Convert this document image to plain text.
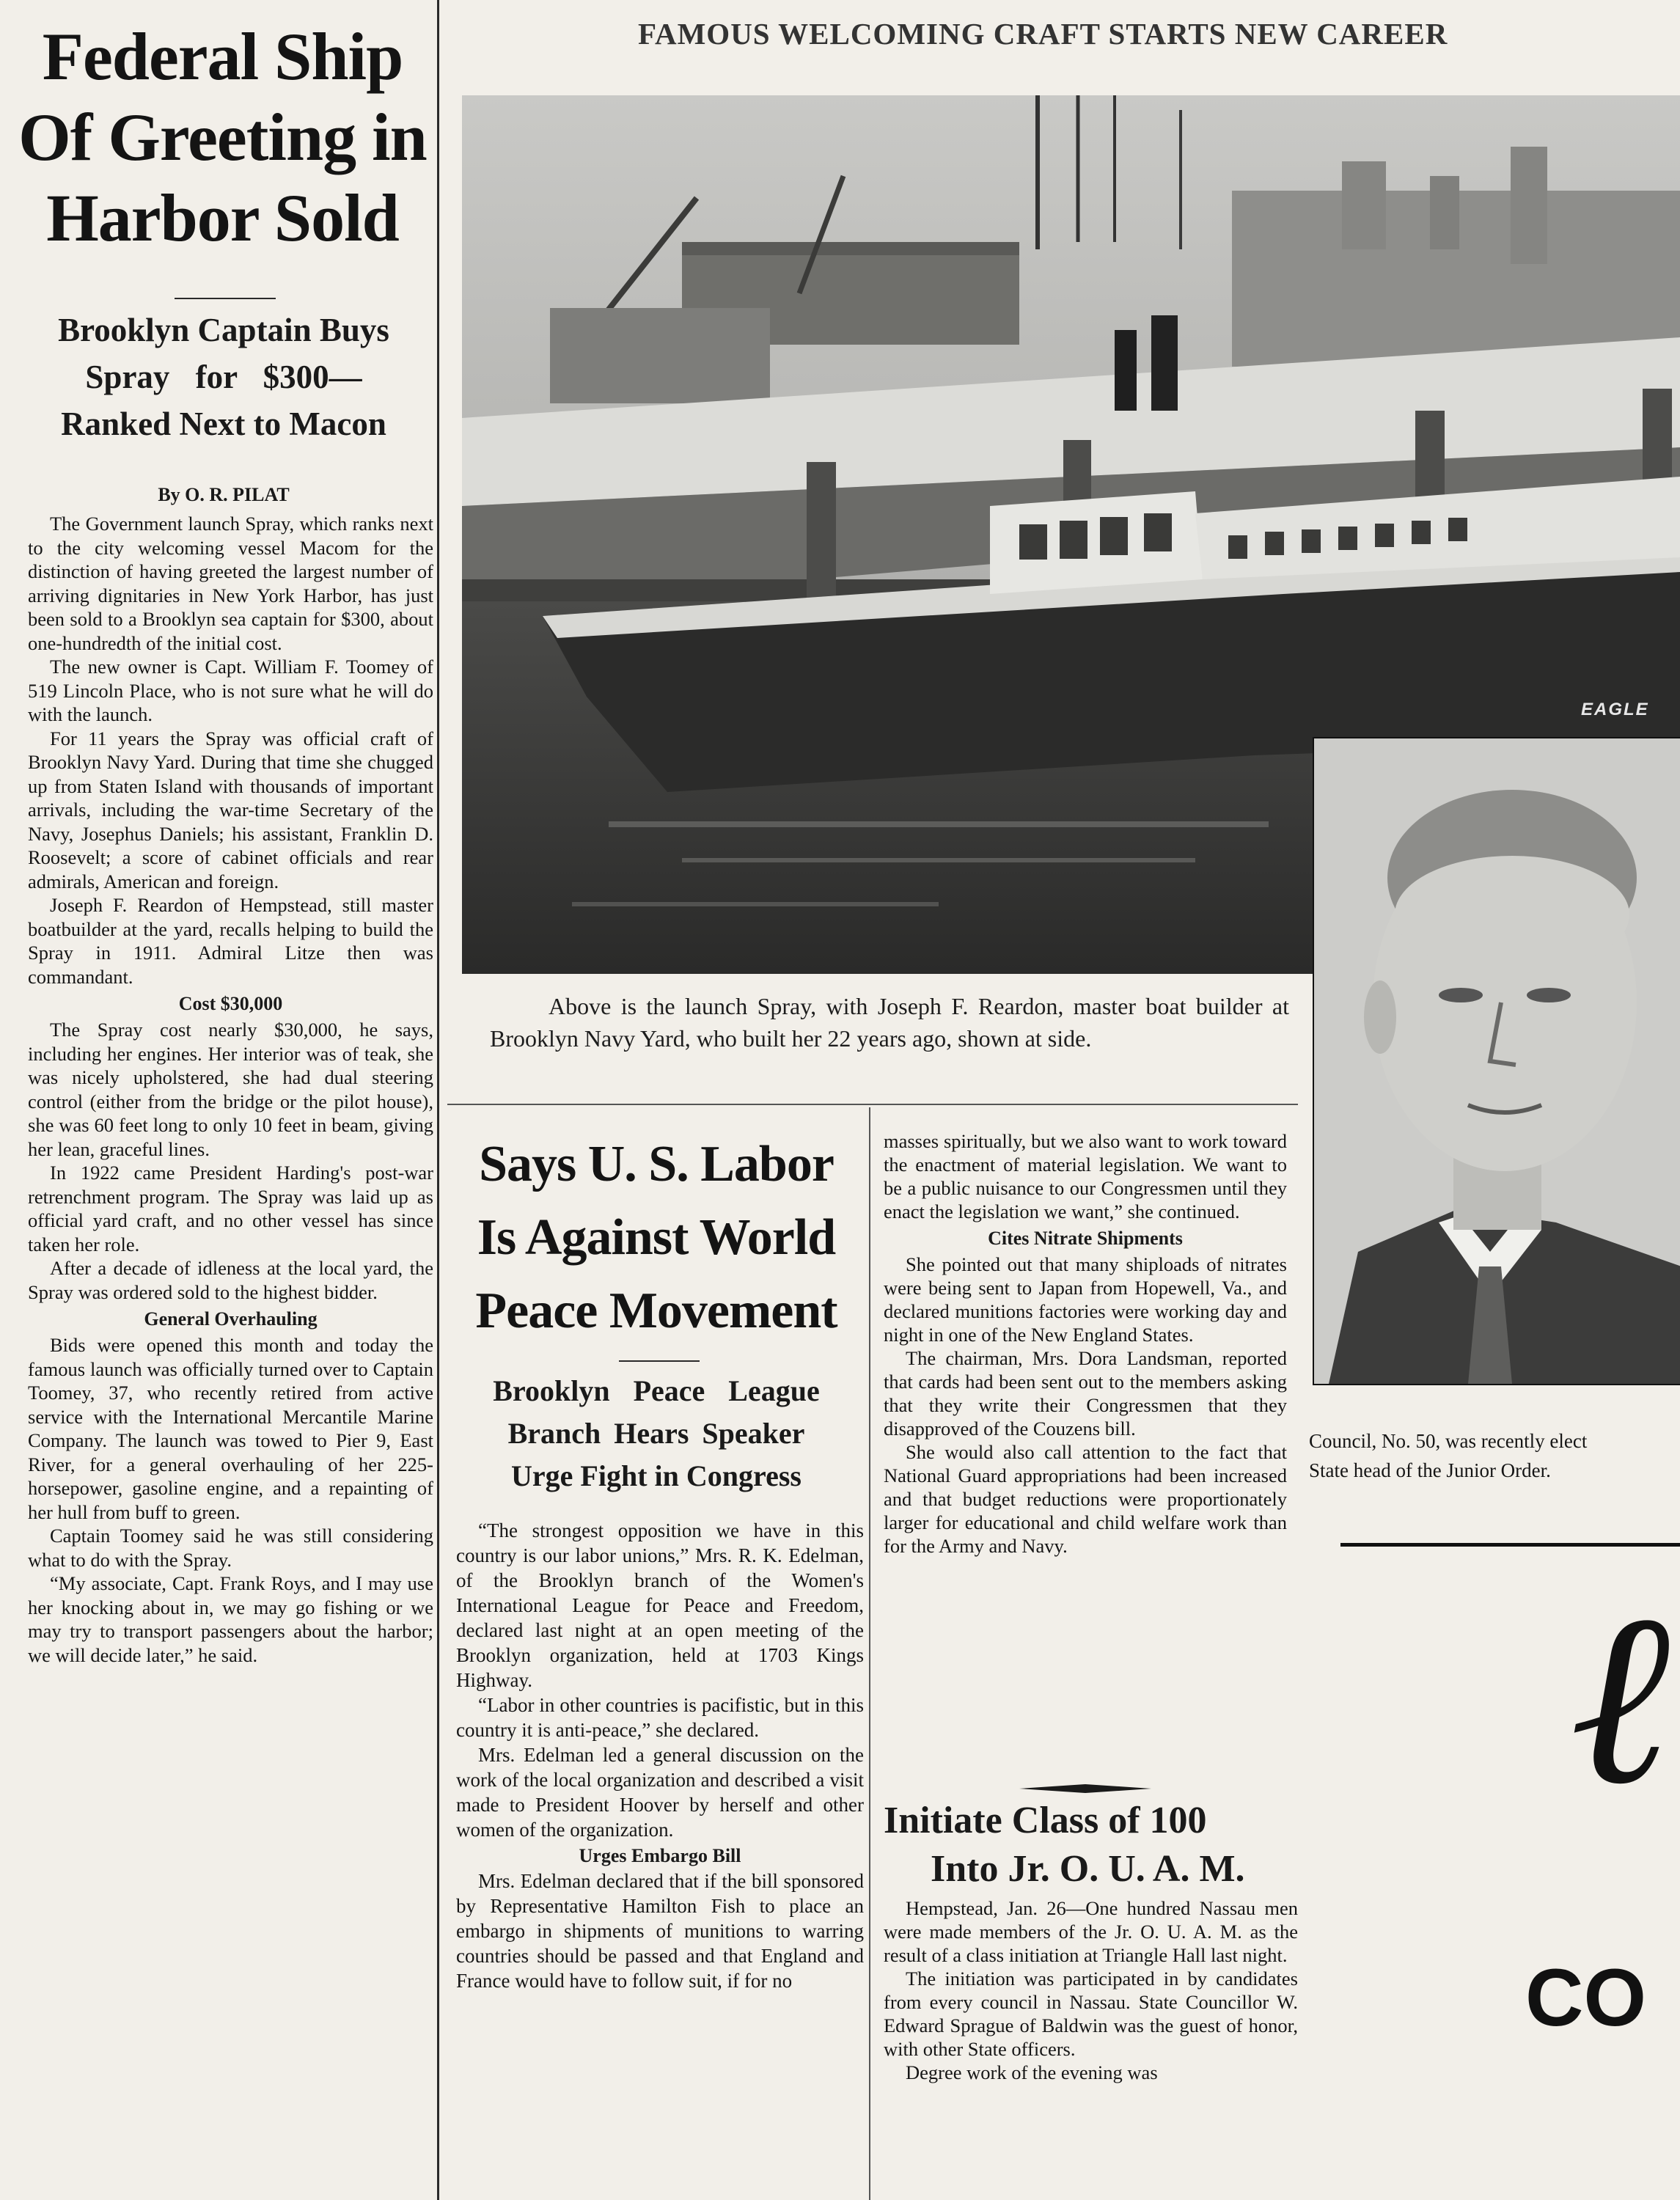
Federal Ship
Of Greeting in
Harbor Sold
Brooklyn Captain Buys
Spray for $300—
Ranked Next to Macon
By O. R. PILAT

The Government launch Spray, which ranks next to the city welcoming vessel Macom for the distinction of having greeted the largest number of arriving dignitaries in New York Harbor, has just been sold to a Brooklyn sea captain for $300, about one-hundredth of the initial cost.

The new owner is Capt. William F. Toomey of 519 Lincoln Place, who is not sure what he will do with the launch.

For 11 years the Spray was official craft of Brooklyn Navy Yard. During that time she chugged up from Staten Island with thousands of important arrivals, including the war-time Secretary of the Navy, Josephus Daniels; his assistant, Franklin D. Roosevelt; a score of cabinet officials and rear admirals, American and foreign.

Joseph F. Reardon of Hempstead, still master boatbuilder at the yard, recalls helping to build the Spray in 1911. Admiral Litze then was commandant.

Cost $30,000

The Spray cost nearly $30,000, he says, including her engines. Her interior was of teak, she was nicely upholstered, she had dual steering control (either from the bridge or the pilot house), she was 60 feet long to only 10 feet in beam, giving her lean, graceful lines.

In 1922 came President Harding's post-war retrenchment program. The Spray was laid up as official yard craft, and no other vessel has since taken her role.

After a decade of idleness at the local yard, the Spray was ordered sold to the highest bidder.

General Overhauling

Bids were opened this month and today the famous launch was officially turned over to Captain Toomey, 37, who recently retired from active service with the International Mercantile Marine Company. The launch was towed to Pier 9, East River, for a general overhauling of her 225-horsepower, gasoline engine, and a repainting of her hull from buff to green.

Captain Toomey said he was still considering what to do with the Spray.

“My associate, Capt. Frank Roys, and I may use her knocking about in, we may go fishing or we may try to transport passengers about the harbor; we will decide later,” he said.

FAMOUS WELCOMING CRAFT STARTS NEW CAREER
EAGLE
Council, No. 50, was recently elect
State head of the Junior Order.
Above is the launch Spray, with Joseph F. Reardon, master boat builder at Brooklyn Navy Yard, who built her 22 years ago, shown at side.
ℓ
CO
Says U. S. Labor
Is Against World
Peace Movement
Brooklyn Peace League
Branch Hears Speaker
Urge Fight in Congress

“The strongest opposition we have in this country is our labor unions,” Mrs. R. K. Edelman, of the Brooklyn branch of the Women's International League for Peace and Freedom, declared last night at an open meeting of the Brooklyn organization, held at 1703 Kings Highway.

“Labor in other countries is pacifistic, but in this country it is anti-peace,” she declared.

Mrs. Edelman led a general discussion on the work of the local organization and described a visit made to President Hoover by herself and other women of the organization.

Urges Embargo Bill

Mrs. Edelman declared that if the bill sponsored by Representative Hamilton Fish to place an embargo in shipments of munitions to warring countries should be passed and that England and France would have to follow suit, if for no

masses spiritually, but we also want to work toward the enactment of material legislation. We want to be a public nuisance to our Congressmen until they enact the legislation we want,” she continued.

Cites Nitrate Shipments

She pointed out that many shiploads of nitrates were being sent to Japan from Hopewell, Va., and declared munitions factories were working day and night in one of the New England States.

The chairman, Mrs. Dora Landsman, reported that cards had been sent out to the members asking that they write their Congressmen that they disapproved of the Couzens bill.

She would also call attention to the fact that National Guard appropriations had been increased and that budget reductions were proportionately larger for educational and child welfare work than for the Army and Navy.

Initiate Class of 100
Into Jr. O. U. A. M.

Hempstead, Jan. 26—One hundred Nassau men were made members of the Jr. O. U. A. M. as the result of a class initiation at Triangle Hall last night.

The initiation was participated in by candidates from every council in Nassau. State Councillor W. Edward Sprague of Baldwin was the guest of honor, with other State officers.

Degree work of the evening was
